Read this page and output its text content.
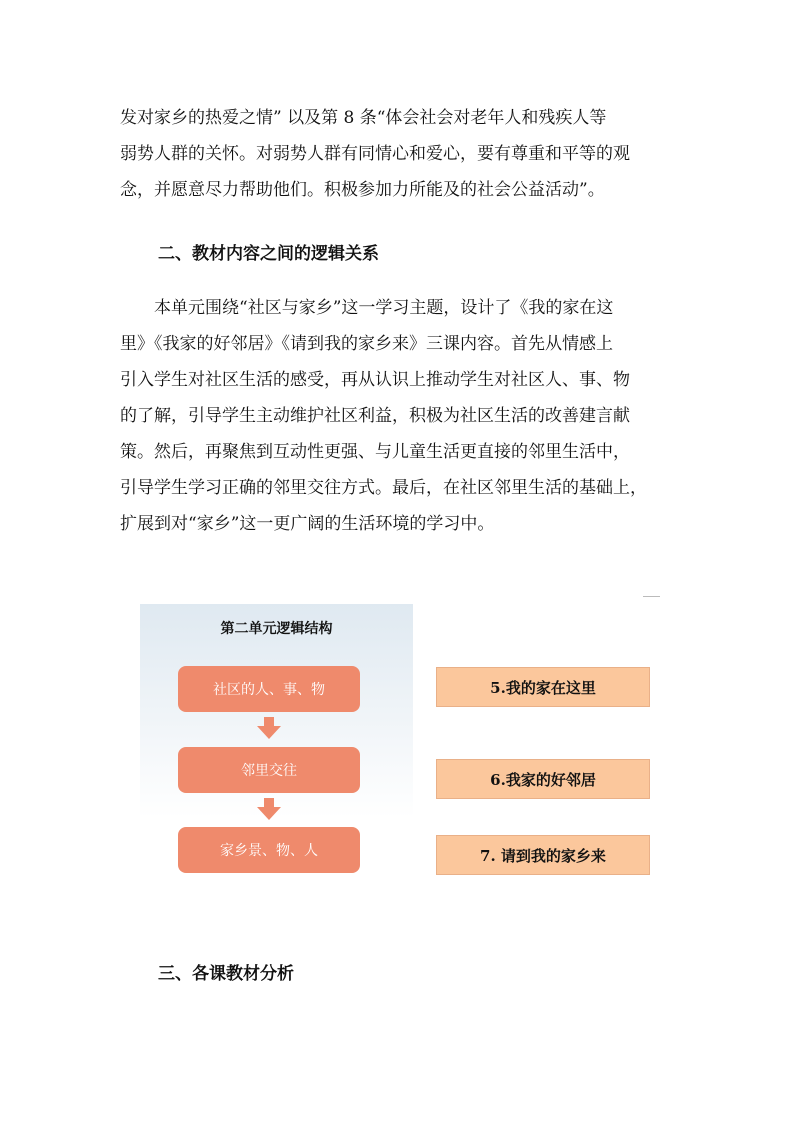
发对家乡的热爱之情” 以及第 8 条“体会社会对老年人和残疾人等
弱势人群的关怀。对弱势人群有同情心和爱心，要有尊重和平等的观
念，并愿意尽力帮助他们。积极参加力所能及的社会公益活动”。
二、教材内容之间的逻辑关系
本单元围绕“社区与家乡”这一学习主题，设计了《我的家在这
里》《我家的好邻居》《请到我的家乡来》三课内容。首先从情感上
引入学生对社区生活的感受，再从认识上推动学生对社区人、事、物
的了解，引导学生主动维护社区利益，积极为社区生活的改善建言献
策。然后，再聚焦到互动性更强、与儿童生活更直接的邻里生活中，
引导学生学习正确的邻里交往方式。最后，在社区邻里生活的基础上，
扩展到对“家乡”这一更广阔的生活环境的学习中。
第二单元逻辑结构
社区的人、事、物
邻里交往
家乡景、物、人
5.我的家在这里
6.我家的好邻居
7. 请到我的家乡来
三、各课教材分析
